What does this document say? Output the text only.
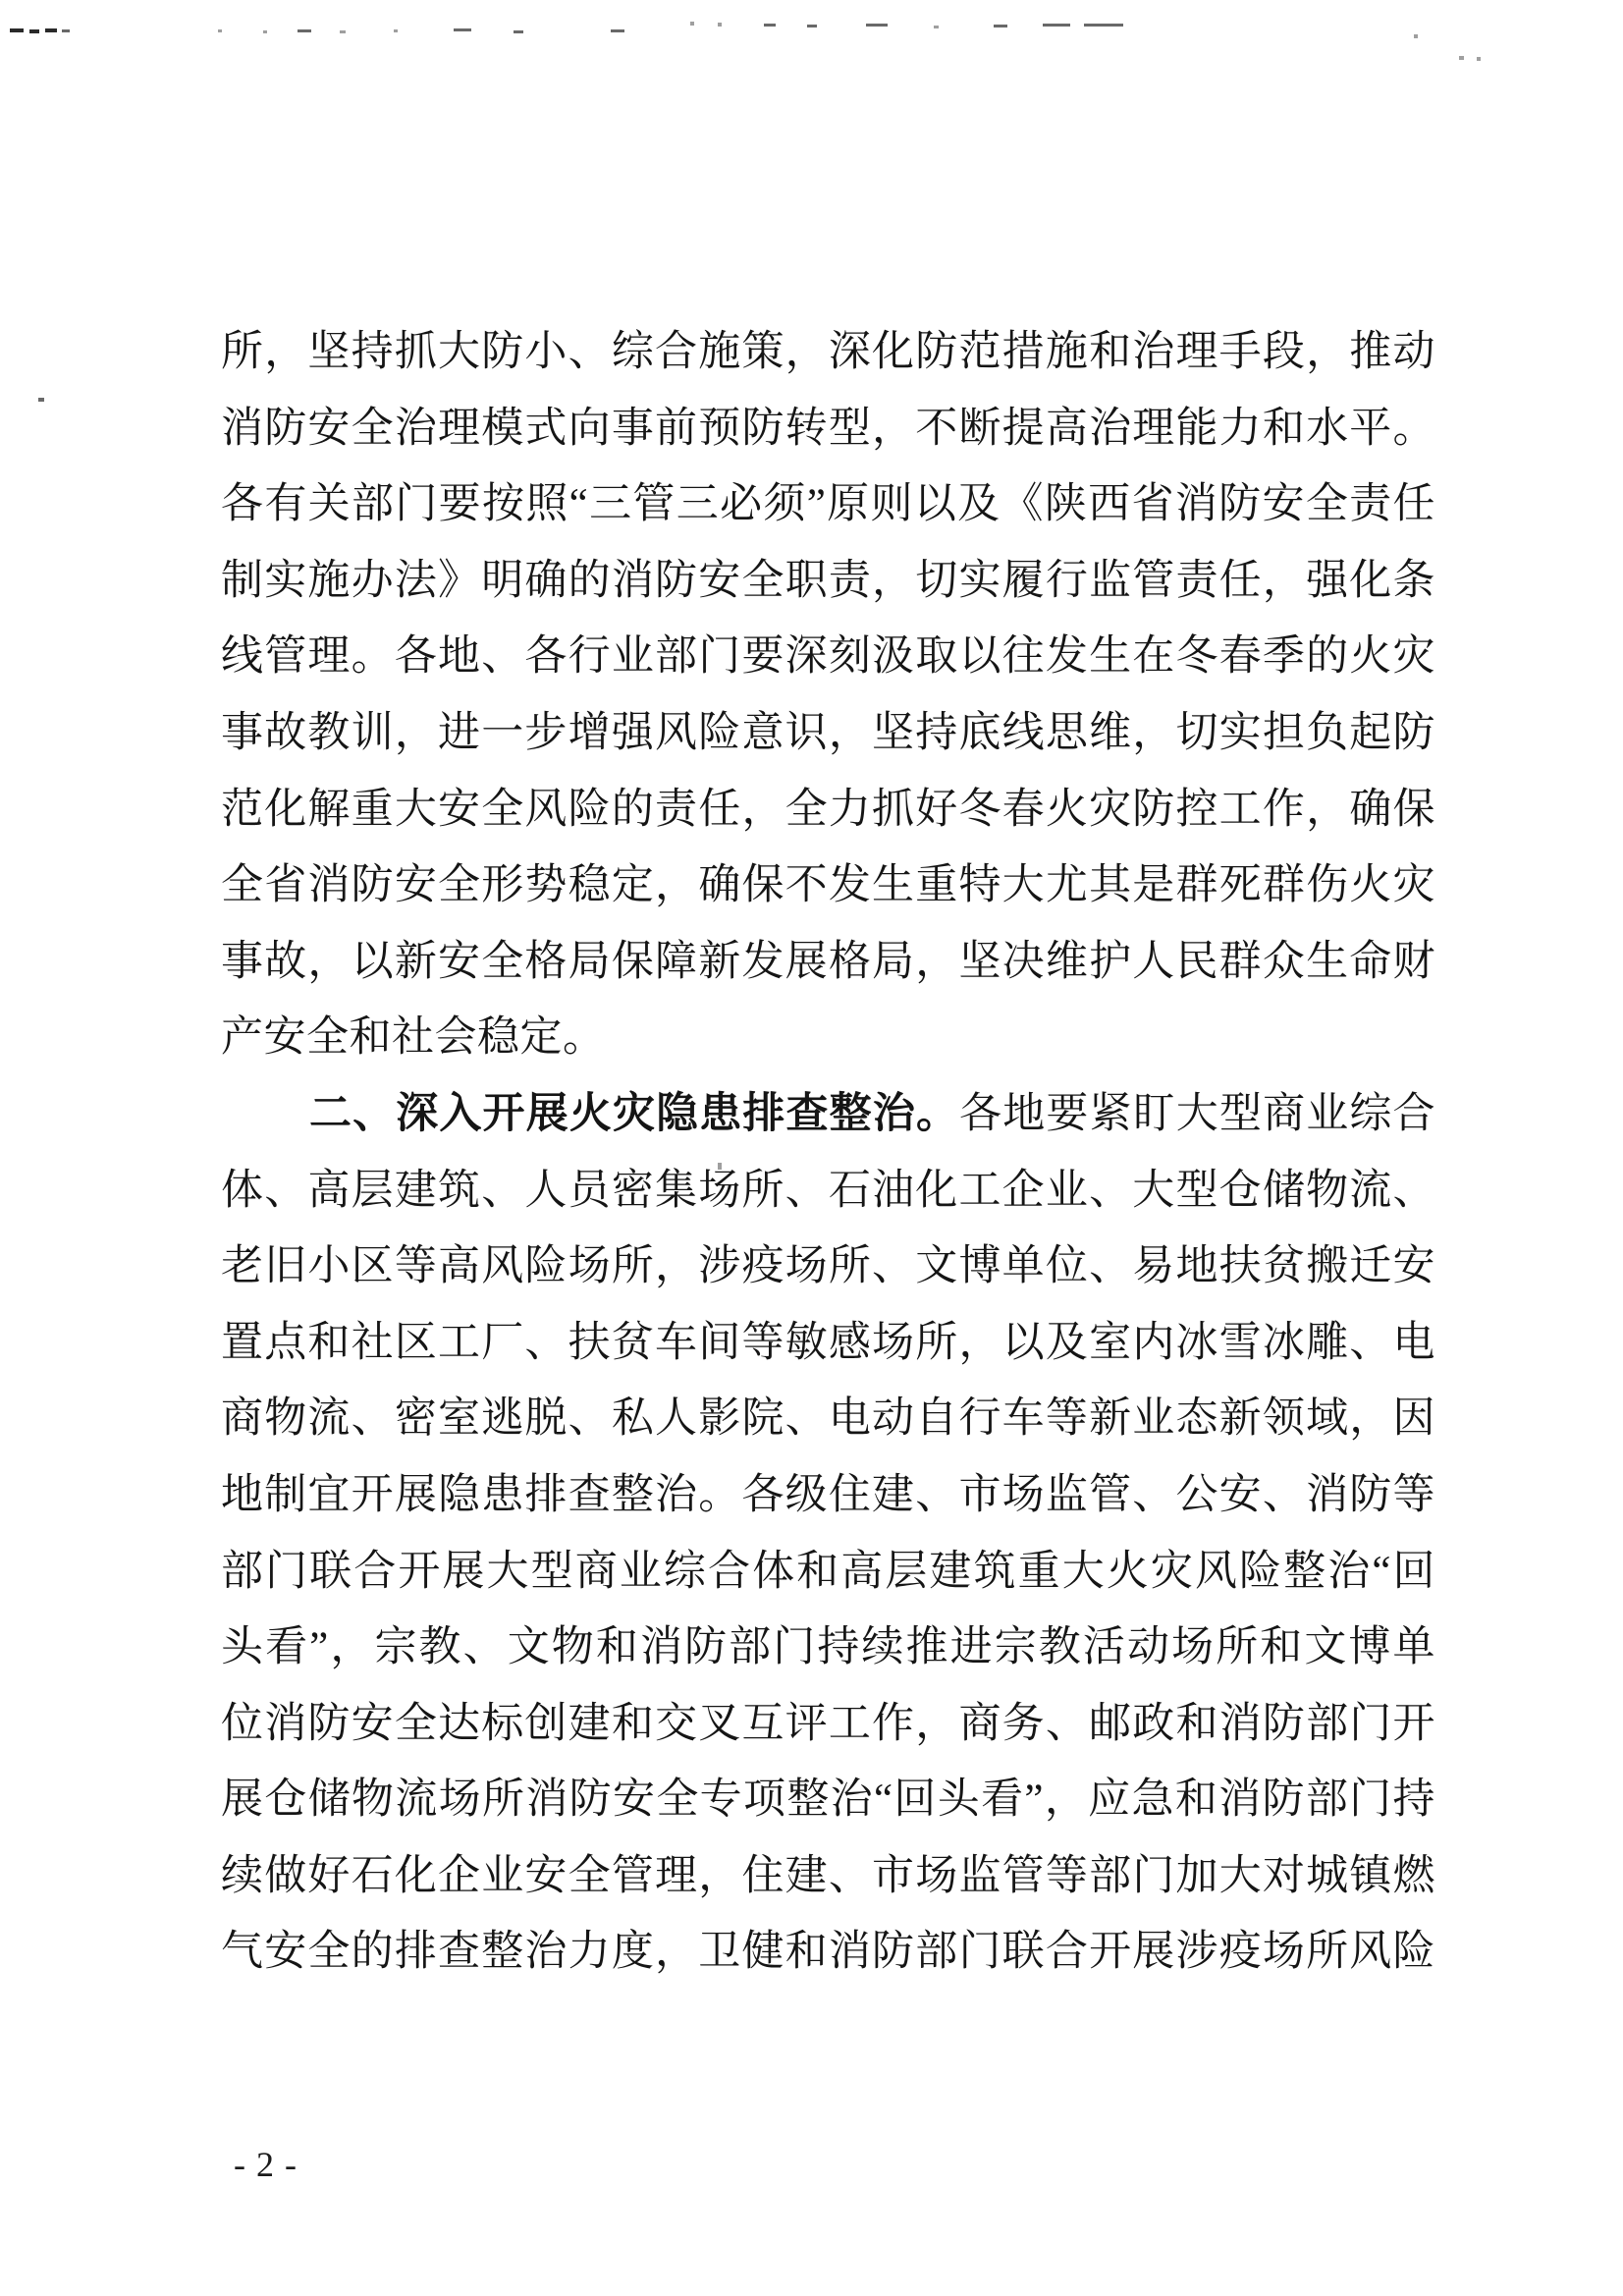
所，坚持抓大防小、综合施策，深化防范措施和治理手段，推动
消防安全治理模式向事前预防转型，不断提高治理能力和水平。
各有关部门要按照“三管三必须”原则以及《陕西省消防安全责任
制实施办法》明确的消防安全职责，切实履行监管责任，强化条
线管理。各地、各行业部门要深刻汲取以往发生在冬春季的火灾
事故教训，进一步增强风险意识，坚持底线思维，切实担负起防
范化解重大安全风险的责任，全力抓好冬春火灾防控工作，确保
全省消防安全形势稳定，确保不发生重特大尤其是群死群伤火灾
事故，以新安全格局保障新发展格局，坚决维护人民群众生命财
产安全和社会稳定。
二、深入开展火灾隐患排查整治。各地要紧盯大型商业综合
体、高层建筑、人员密集场所、石油化工企业、大型仓储物流、
老旧小区等高风险场所，涉疫场所、文博单位、易地扶贫搬迁安
置点和社区工厂、扶贫车间等敏感场所，以及室内冰雪冰雕、电
商物流、密室逃脱、私人影院、电动自行车等新业态新领域，因
地制宜开展隐患排查整治。各级住建、市场监管、公安、消防等
部门联合开展大型商业综合体和高层建筑重大火灾风险整治“回
头看”，宗教、文物和消防部门持续推进宗教活动场所和文博单
位消防安全达标创建和交叉互评工作，商务、邮政和消防部门开
展仓储物流场所消防安全专项整治“回头看”，应急和消防部门持
续做好石化企业安全管理，住建、市场监管等部门加大对城镇燃
气安全的排查整治力度，卫健和消防部门联合开展涉疫场所风险
- 2 -
